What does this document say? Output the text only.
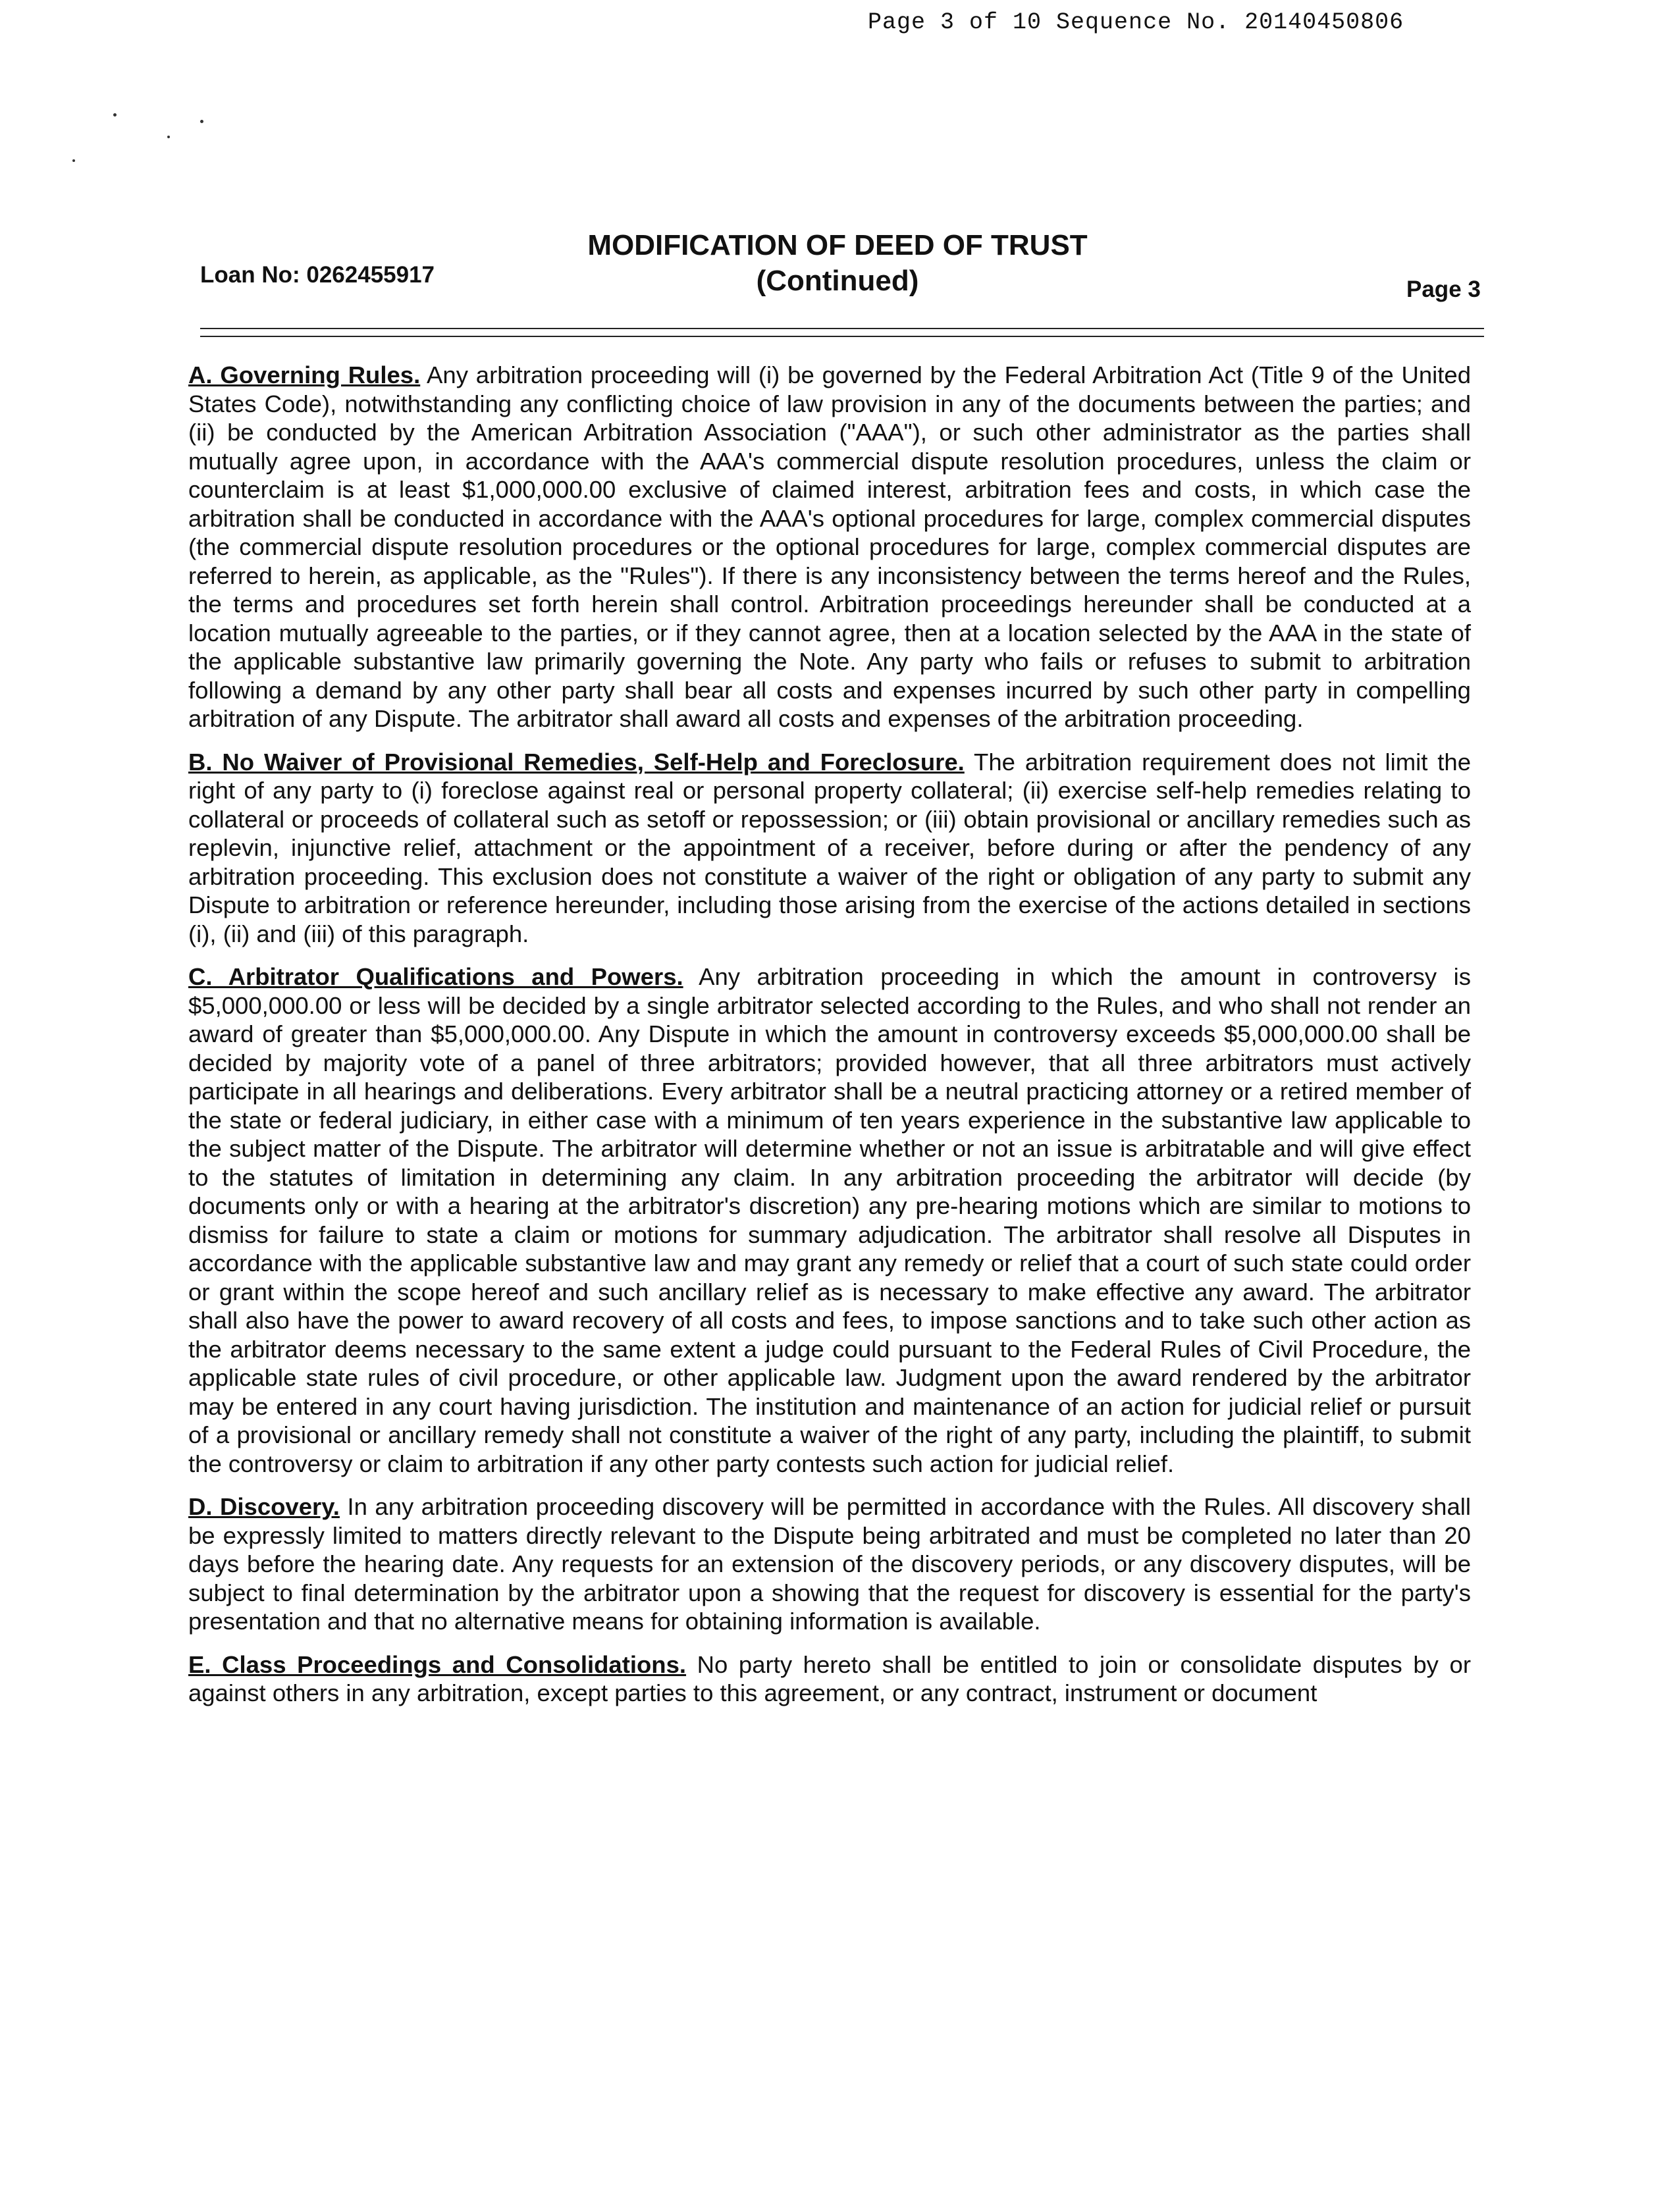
Page 3 of 10 Sequence No. 20140450806
MODIFICATION OF DEED OF TRUST
(Continued)
Loan No: 0262455917
Page 3

A. Governing Rules. Any arbitration proceeding will (i) be governed by the Federal Arbitration Act (Title 9 of the United States Code), notwithstanding any conflicting choice of law provision in any of the documents between the parties; and (ii) be conducted by the American Arbitration Association ("AAA"), or such other administrator as the parties shall mutually agree upon, in accordance with the AAA's commercial dispute resolution procedures, unless the claim or counterclaim is at least $1,000,000.00 exclusive of claimed interest, arbitration fees and costs, in which case the arbitration shall be conducted in accordance with the AAA's optional procedures for large, complex commercial disputes (the commercial dispute resolution procedures or the optional procedures for large, complex commercial disputes are referred to herein, as applicable, as the "Rules"). If there is any inconsistency between the terms hereof and the Rules, the terms and procedures set forth herein shall control. Arbitration proceedings hereunder shall be conducted at a location mutually agreeable to the parties, or if they cannot agree, then at a location selected by the AAA in the state of the applicable substantive law primarily governing the Note. Any party who fails or refuses to submit to arbitration following a demand by any other party shall bear all costs and expenses incurred by such other party in compelling arbitration of any Dispute. The arbitrator shall award all costs and expenses of the arbitration proceeding.

B. No Waiver of Provisional Remedies, Self-Help and Foreclosure. The arbitration requirement does not limit the right of any party to (i) foreclose against real or personal property collateral; (ii) exercise self-help remedies relating to collateral or proceeds of collateral such as setoff or repossession; or (iii) obtain provisional or ancillary remedies such as replevin, injunctive relief, attachment or the appointment of a receiver, before during or after the pendency of any arbitration proceeding. This exclusion does not constitute a waiver of the right or obligation of any party to submit any Dispute to arbitration or reference hereunder, including those arising from the exercise of the actions detailed in sections (i), (ii) and (iii) of this paragraph.

C. Arbitrator Qualifications and Powers. Any arbitration proceeding in which the amount in controversy is $5,000,000.00 or less will be decided by a single arbitrator selected according to the Rules, and who shall not render an award of greater than $5,000,000.00. Any Dispute in which the amount in controversy exceeds $5,000,000.00 shall be decided by majority vote of a panel of three arbitrators; provided however, that all three arbitrators must actively participate in all hearings and deliberations. Every arbitrator shall be a neutral practicing attorney or a retired member of the state or federal judiciary, in either case with a minimum of ten years experience in the substantive law applicable to the subject matter of the Dispute. The arbitrator will determine whether or not an issue is arbitratable and will give effect to the statutes of limitation in determining any claim. In any arbitration proceeding the arbitrator will decide (by documents only or with a hearing at the arbitrator's discretion) any pre-hearing motions which are similar to motions to dismiss for failure to state a claim or motions for summary adjudication. The arbitrator shall resolve all Disputes in accordance with the applicable substantive law and may grant any remedy or relief that a court of such state could order or grant within the scope hereof and such ancillary relief as is necessary to make effective any award. The arbitrator shall also have the power to award recovery of all costs and fees, to impose sanctions and to take such other action as the arbitrator deems necessary to the same extent a judge could pursuant to the Federal Rules of Civil Procedure, the applicable state rules of civil procedure, or other applicable law. Judgment upon the award rendered by the arbitrator may be entered in any court having jurisdiction. The institution and maintenance of an action for judicial relief or pursuit of a provisional or ancillary remedy shall not constitute a waiver of the right of any party, including the plaintiff, to submit the controversy or claim to arbitration if any other party contests such action for judicial relief.

D. Discovery. In any arbitration proceeding discovery will be permitted in accordance with the Rules. All discovery shall be expressly limited to matters directly relevant to the Dispute being arbitrated and must be completed no later than 20 days before the hearing date. Any requests for an extension of the discovery periods, or any discovery disputes, will be subject to final determination by the arbitrator upon a showing that the request for discovery is essential for the party's presentation and that no alternative means for obtaining information is available.

E. Class Proceedings and Consolidations. No party hereto shall be entitled to join or consolidate disputes by or against others in any arbitration, except parties to this agreement, or any contract, instrument or document
